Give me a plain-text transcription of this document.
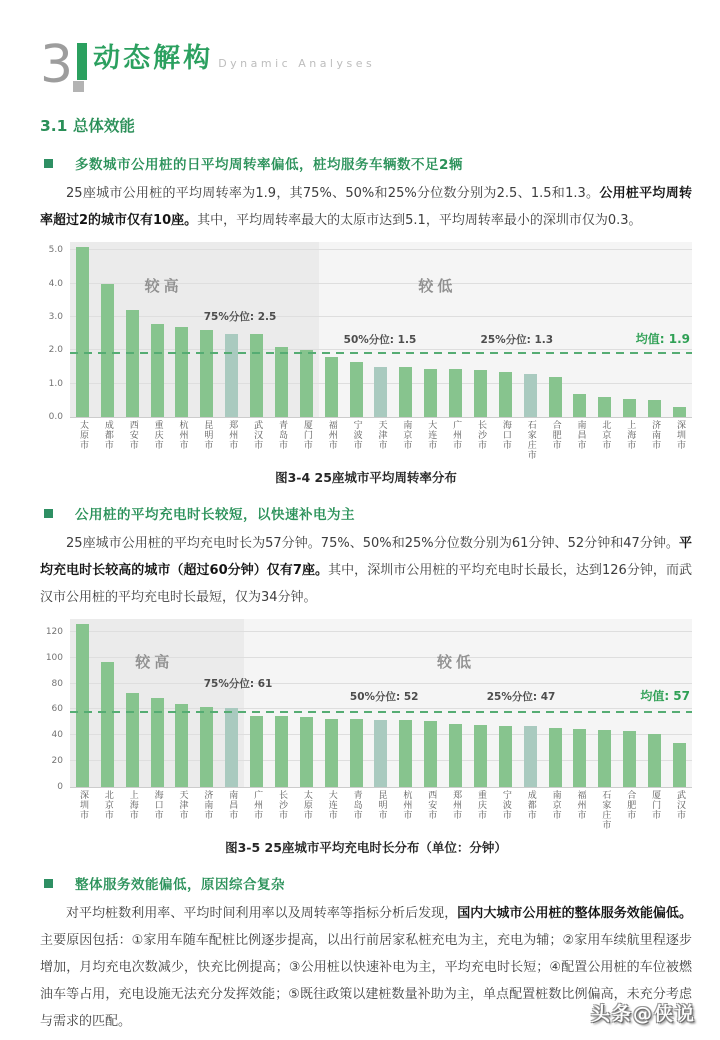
3 动态解构 Dynamic Analyses
3.1 总体效能
多数城市公用桩的日平均周转率偏低，桩均服务车辆数不足2辆

25座城市公用桩的平均周转率为1.9，其75%、50%和25%分位数分别为2.5、1.5和1.3。公用桩平均周转率超过2的城市仅有10座。其中，平均周转率最大的太原市达到5.1，平均周转率最小的深圳市仅为0.3。

0.0
1.0
2.0
3.0
4.0
5.0
较高	较低
75%分位: 2.5
50%分位: 1.5	25%分位: 1.3	均值: 1.9
太原市 成都市 西安市 重庆市 杭州市 昆明市 郑州市 武汉市 青岛市 厦门市 福州市 宁波市 天津市 南京市 大连市 广州市 长沙市 海口市 石家庄市 合肥市 南昌市 北京市 上海市 济南市 深圳市
图3-4 25座城市平均周转率分布
公用桩的平均充电时长较短，以快速补电为主

25座城市公用桩的平均充电时长为57分钟。75%、50%和25%分位数分别为61分钟、52分钟和47分钟。平均充电时长较高的城市（超过60分钟）仅有7座。其中，深圳市公用桩的平均充电时长最长，达到126分钟，而武汉市公用桩的平均充电时长最短，仅为34分钟。

0
20
40
60
80
100
120
较高	较低
75%分位: 61
50%分位: 52	25%分位: 47	均值: 57
深圳市 北京市 上海市 海口市 天津市 济南市 南昌市 广州市 长沙市 太原市 大连市 青岛市 昆明市 杭州市 西安市 郑州市 重庆市 宁波市 成都市 南京市 福州市 石家庄市 合肥市 厦门市 武汉市
图3-5 25座城市平均充电时长分布（单位：分钟）
整体服务效能偏低，原因综合复杂

对平均桩数利用率、平均时间利用率以及周转率等指标分析后发现，国内大城市公用桩的整体服务效能偏低。主要原因包括：①家用车随车配桩比例逐步提高，以出行前居家私桩充电为主，充电为辅；②家用车续航里程逐步增加，月均充电次数减少，快充比例提高；③公用桩以快速补电为主，平均充电时长短；④配置公用桩的车位被燃油车等占用，充电设施无法充分发挥效能；⑤既往政策以建桩数量补助为主，单点配置桩数比例偏高，未充分考虑与需求的匹配。	头条@侠说
